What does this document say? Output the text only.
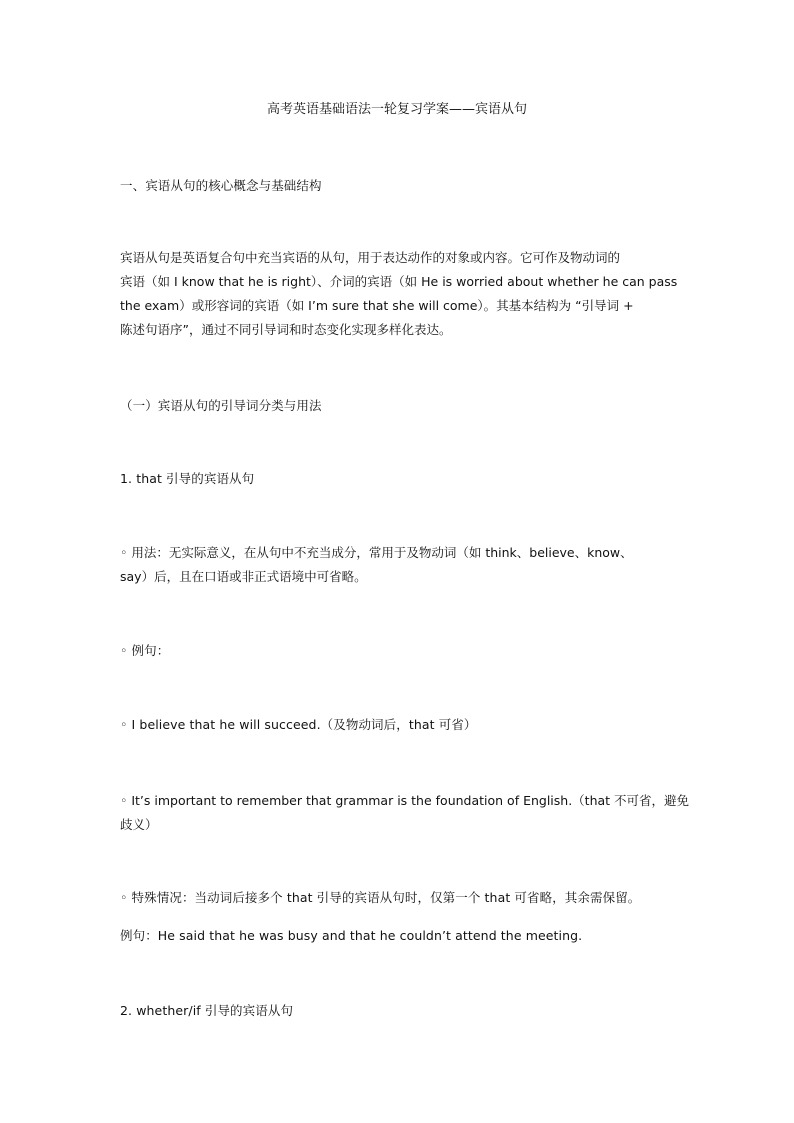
高考英语基础语法一轮复习学案——宾语从句
一、宾语从句的核心概念与基础结构
宾语从句是英语复合句中充当宾语的从句，用于表达动作的对象或内容。它可作及物动词的
宾语（如 I know that he is right）、介词的宾语（如 He is worried about whether he can pass
the exam）或形容词的宾语（如 I’m sure that she will come）。其基本结构为 “引导词 +
陈述句语序”，通过不同引导词和时态变化实现多样化表达。
（一）宾语从句的引导词分类与用法
1. that 引导的宾语从句
◦ 用法：无实际意义，在从句中不充当成分，常用于及物动词（如 think、believe、know、
say）后，且在口语或非正式语境中可省略。
◦ 例句：
◦ I believe that he will succeed.（及物动词后，that 可省）
◦ It’s important to remember that grammar is the foundation of English.（that 不可省，避免
歧义）
◦ 特殊情况：当动词后接多个 that 引导的宾语从句时，仅第一个 that 可省略，其余需保留。
例句：He said that he was busy and that he couldn’t attend the meeting.
2. whether/if 引导的宾语从句
